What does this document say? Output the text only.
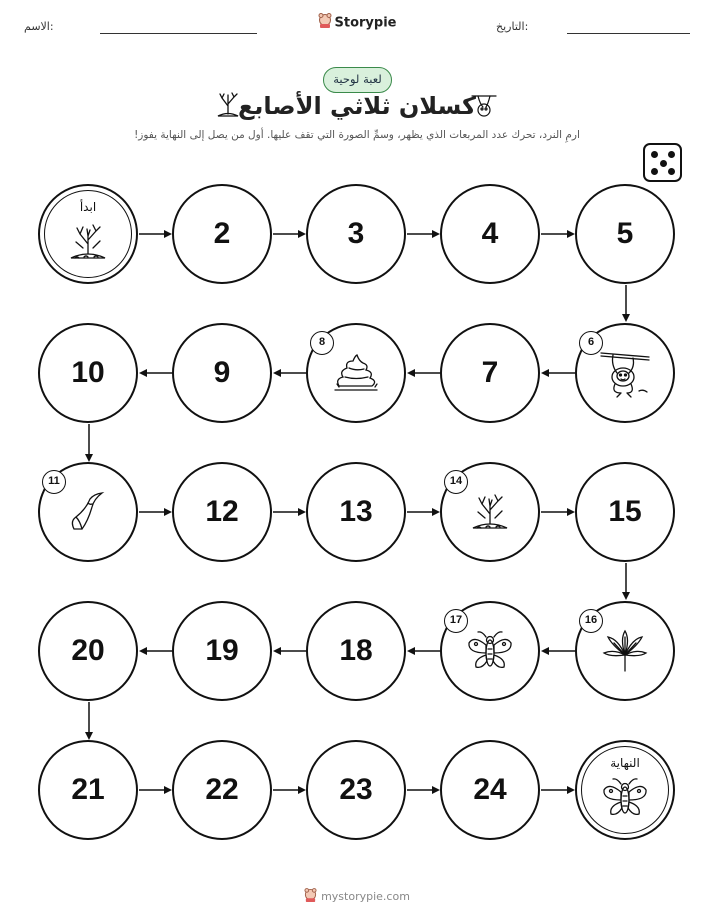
الاسم:	Storypie	التاريخ:
لعبة لوحية
كسلان ثلاثي الأصابع
ارمِ النرد، تحرك عدد المربعات الذي يظهر، وسمِّ الصورة التي تقف عليها. أول من يصل إلى النهاية يفوز!
ابدأ
2	3	4	5
6
7
8
9
10
11
12	13
14
15
16
17
18
19
20
21	22	23	24
النهاية
mystorypie.com
